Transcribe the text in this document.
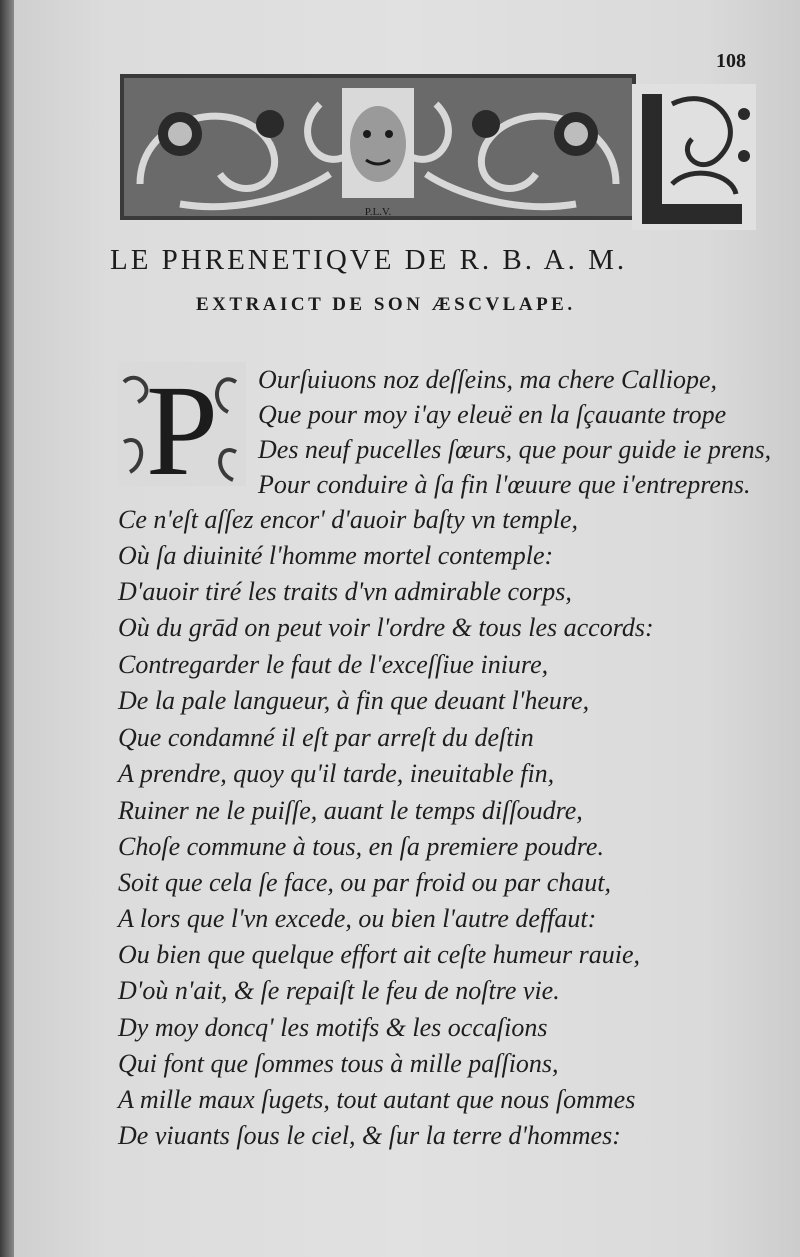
108
P.L.V.
LE PHRENETIQVE DE R. B. A. M.
EXTRAICT DE SON ÆSCVLAPE.
P Ourſuiuons noz deſſeins, ma chere Calliope,
Que pour moy i'ay eleuë en la ſçauante trope
Des neuf pucelles ſœurs, que pour guide ie prens,
Pour conduire à ſa fin l'œuure que i'entreprens.
Ce n'eſt aſſez encor' d'auoir baſty vn temple,
Où ſa diuinité l'homme mortel contemple:
D'auoir tiré les traits d'vn admirable corps,
Où du grād on peut voir l'ordre & tous les accords:
Contregarder le faut de l'exceſſiue iniure,
De la pale langueur, à fin que deuant l'heure,
Que condamné il eſt par arreſt du deſtin
A prendre, quoy qu'il tarde, ineuitable fin,
Ruiner ne le puiſſe, auant le temps diſſoudre,
Choſe commune à tous, en ſa premiere poudre.
Soit que cela ſe face, ou par froid ou par chaut,
A lors que l'vn excede, ou bien l'autre deffaut:
Ou bien que quelque effort ait ceſte humeur rauie,
D'où n'ait, & ſe repaiſt le feu de noſtre vie.
Dy moy doncq' les motifs & les occaſions
Qui font que ſommes tous à mille paſſions,
A mille maux ſugets, tout autant que nous ſommes
De viuants ſous le ciel, & ſur la terre d'hommes:
